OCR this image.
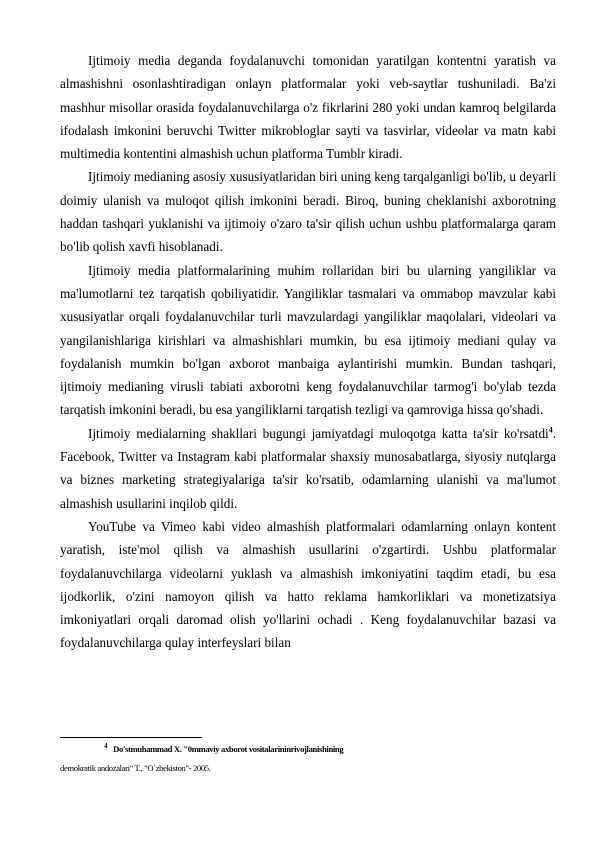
Ijtimoiy media deganda foydalanuvchi tomonidan yaratilgan kontentni yaratish va almashishni osonlashtiradigan onlayn platformalar yoki veb-saytlar tushuniladi. Ba'zi mashhur misollar orasida foydalanuvchilarga o'z fikrlarini 280 yoki undan kamroq belgilarda ifodalash imkonini beruvchi Twitter mikrobloglar sayti va tasvirlar, videolar va matn kabi multimedia kontentini almashish uchun platforma Tumblr kiradi.

Ijtimoiy medianing asosiy xususiyatlaridan biri uning keng tarqalganligi bo'lib, u deyarli doimiy ulanish va muloqot qilish imkonini beradi. Biroq, buning cheklanishi axborotning haddan tashqari yuklanishi va ijtimoiy o'zaro ta'sir qilish uchun ushbu platformalarga qaram bo'lib qolish xavfi hisoblanadi.

Ijtimoiy media platformalarining muhim rollaridan biri bu ularning yangiliklar va ma'lumotlarni tez tarqatish qobiliyatidir. Yangiliklar tasmalari va ommabop mavzular kabi xususiyatlar orqali foydalanuvchilar turli mavzulardagi yangiliklar maqolalari, videolari va yangilanishlariga kirishlari va almashishlari mumkin, bu esa ijtimoiy mediani qulay va foydalanish mumkin bo'lgan axborot manbaiga aylantirishi mumkin. Bundan tashqari, ijtimoiy medianing virusli tabiati axborotni keng foydalanuvchilar tarmog'i bo'ylab tezda tarqatish imkonini beradi, bu esa yangiliklarni tarqatish tezligi va qamroviga hissa qo'shadi.

Ijtimoiy medialarning shakllari bugungi jamiyatdagi muloqotga katta ta'sir ko'rsatdi$^4$. Facebook, Twitter va Instagram kabi platformalar shaxsiy munosabatlarga, siyosiy nutqlarga va biznes marketing strategiyalariga ta'sir ko'rsatib, odamlarning ulanishi va ma'lumot almashish usullarini inqilob qildi.

YouTube va Vimeo kabi video almashish platformalari odamlarning onlayn kontent yaratish, iste'mol qilish va almashish usullarini o'zgartirdi. Ushbu platformalar foydalanuvchilarga videolarni yuklash va almashish imkoniyatini taqdim etadi, bu esa ijodkorlik, o'zini namoyon qilish va hatto reklama hamkorliklari va monetizatsiya imkoniyatlari orqali daromad olish yo'llarini ochadi . Keng foydalanuvchilar bazasi va foydalanuvchilarga qulay interfeyslari bilan

$^4$ Do'stmuhammad X. "0mmaviy axborot vositalarininrivojlanishining
demokratik andozalari" T., "O`zbekiston"- 2005.
